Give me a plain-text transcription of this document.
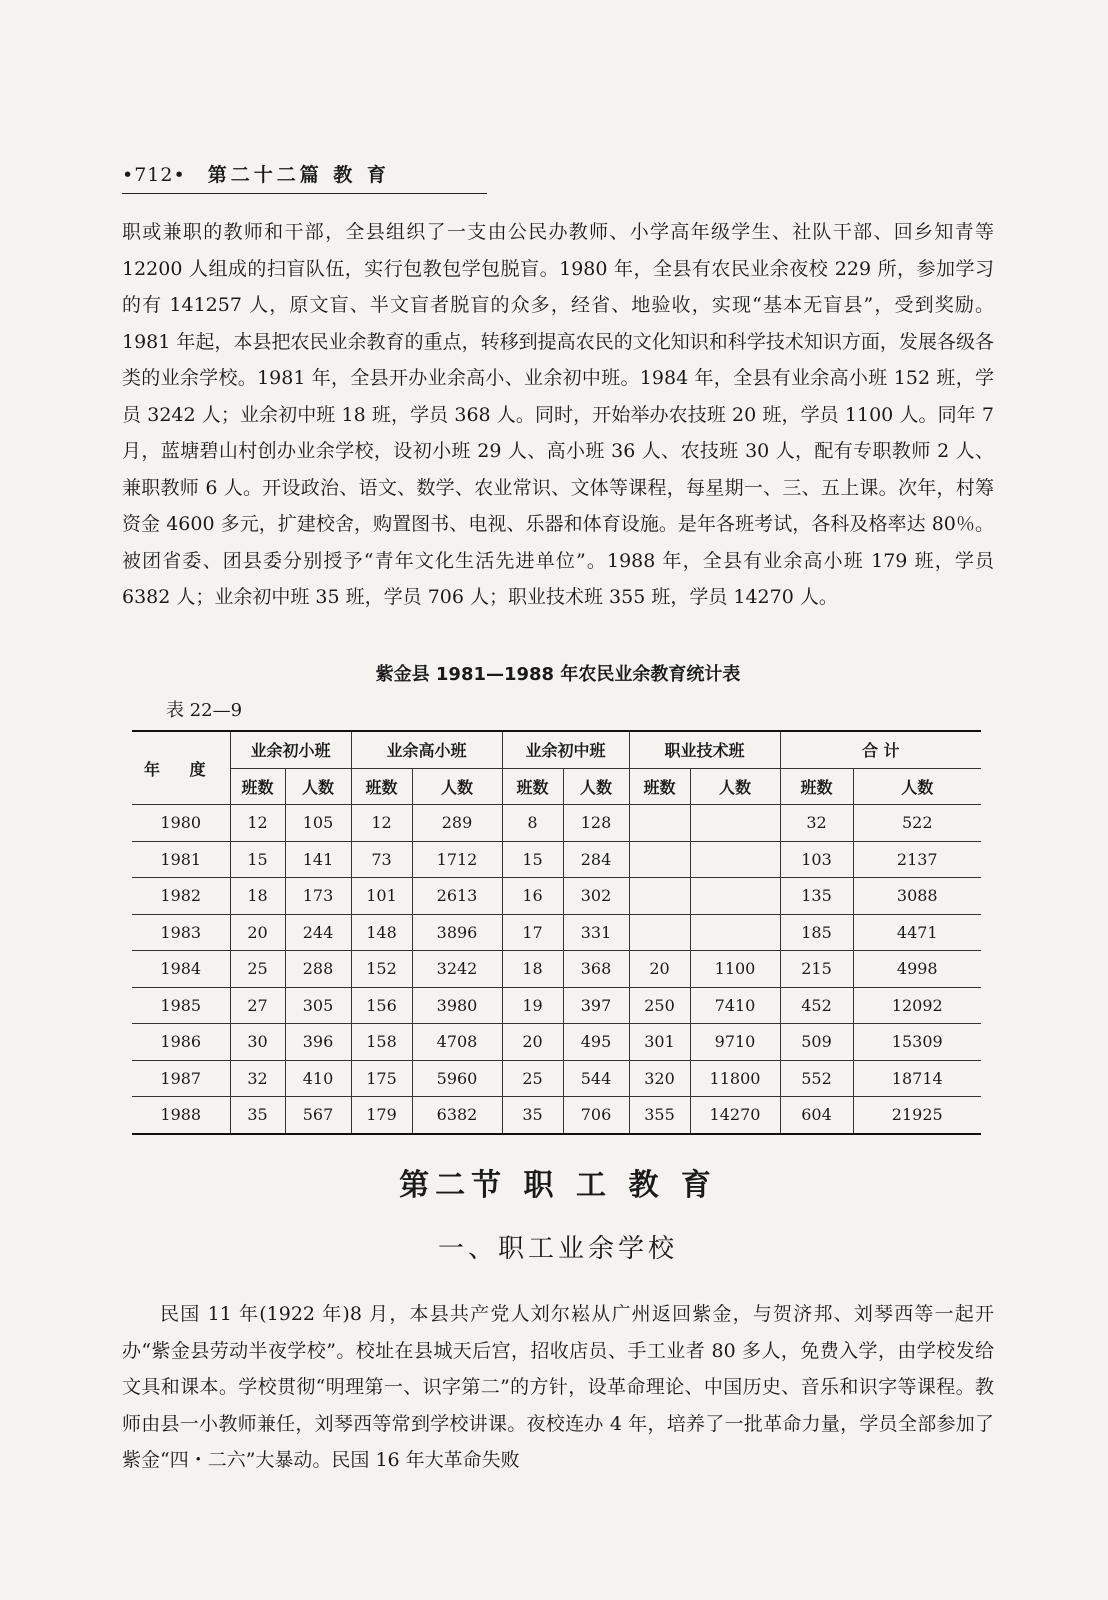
•712• 第二十二篇 教 育
职或兼职的教师和干部，全县组织了一支由公民办教师、小学高年级学生、社队干部、回乡知青等 12200 人组成的扫盲队伍，实行包教包学包脱盲。1980 年，全县有农民业余夜校 229 所，参加学习的有 141257 人，原文盲、半文盲者脱盲的众多，经省、地验收，实现“基本无盲县”，受到奖励。1981 年起，本县把农民业余教育的重点，转移到提高农民的文化知识和科学技术知识方面，发展各级各类的业余学校。1981 年，全县开办业余高小、业余初中班。1984 年，全县有业余高小班 152 班，学员 3242 人；业余初中班 18 班，学员 368 人。同时，开始举办农技班 20 班，学员 1100 人。同年 7 月，蓝塘碧山村创办业余学校，设初小班 29 人、高小班 36 人、农技班 30 人，配有专职教师 2 人、兼职教师 6 人。开设政治、语文、数学、农业常识、文体等课程，每星期一、三、五上课。次年，村筹资金 4600 多元，扩建校舍，购置图书、电视、乐器和体育设施。是年各班考试，各科及格率达 80％。被团省委、团县委分别授予“青年文化生活先进单位”。1988 年，全县有业余高小班 179 班，学员 6382 人；业余初中班 35 班，学员 706 人；职业技术班 355 班，学员 14270 人。
紫金县 1981—1988 年农民业余教育统计表
表 22—9
年 度	业余初小班		业余高小班		业余初中班		职业技术班		合 计	
	班数	人数	班数	人数	班数	人数	班数	人数	班数	人数
1980	12	105	12	289	8	128			32	522
1981	15	141	73	1712	15	284			103	2137
1982	18	173	101	2613	16	302			135	3088
1983	20	244	148	3896	17	331			185	4471
1984	25	288	152	3242	18	368	20	1100	215	4998
1985	27	305	156	3980	19	397	250	7410	452	12092
1986	30	396	158	4708	20	495	301	9710	509	15309
1987	32	410	175	5960	25	544	320	11800	552	18714
1988	35	567	179	6382	35	706	355	14270	604	21925
第二节 职 工 教 育
一、职工业余学校
民国 11 年(1922 年)8 月，本县共产党人刘尔崧从广州返回紫金，与贺济邦、刘琴西等一起开办“紫金县劳动半夜学校”。校址在县城天后宫，招收店员、手工业者 80 多人，免费入学，由学校发给文具和课本。学校贯彻“明理第一、识字第二”的方针，设革命理论、中国历史、音乐和识字等课程。教师由县一小教师兼任，刘琴西等常到学校讲课。夜校连办 4 年，培养了一批革命力量，学员全部参加了紫金“四・二六”大暴动。民国 16 年大革命失败
